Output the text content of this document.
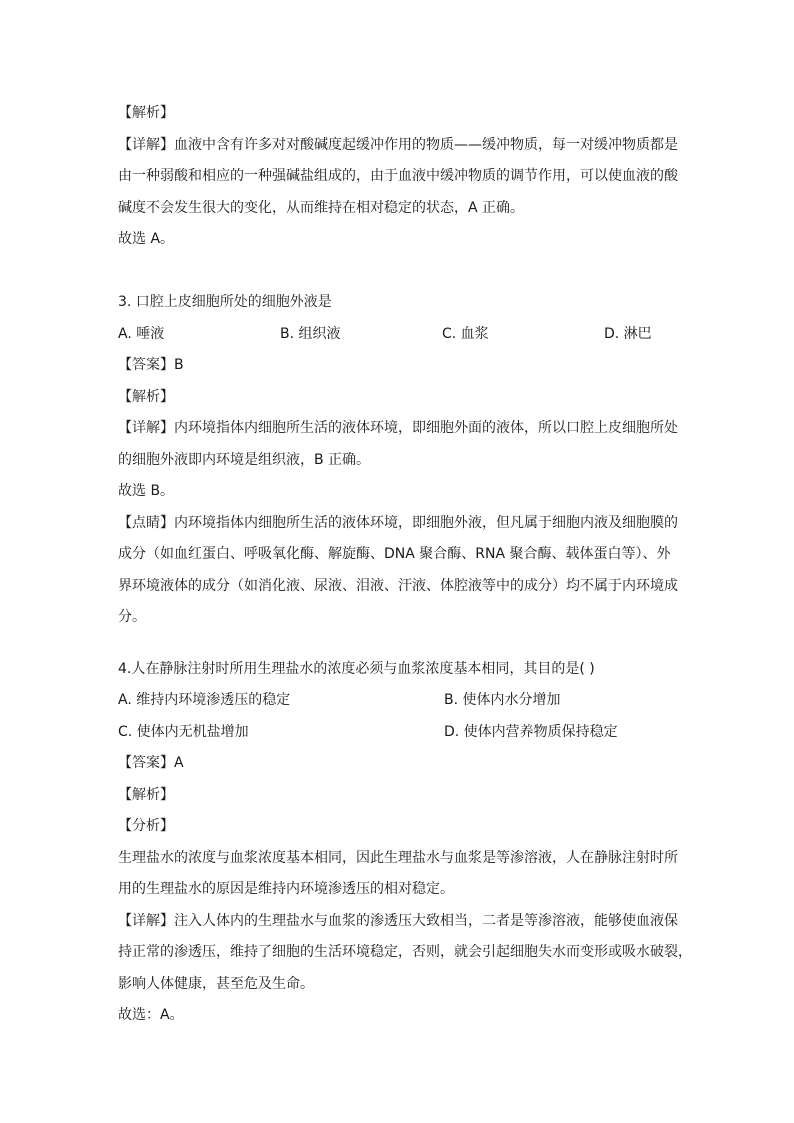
【解析】
【详解】血液中含有许多对对酸碱度起缓冲作用的物质——缓冲物质，每一对缓冲物质都是
由一种弱酸和相应的一种强碱盐组成的，由于血液中缓冲物质的调节作用，可以使血液的酸
碱度不会发生很大的变化，从而维持在相对稳定的状态，A 正确。
故选 A。
3. 口腔上皮细胞所处的细胞外液是
A. 唾液	B. 组织液	C. 血浆	D. 淋巴
【答案】B
【解析】
【详解】内环境指体内细胞所生活的液体环境，即细胞外面的液体，所以口腔上皮细胞所处
的细胞外液即内环境是组织液，B 正确。
故选 B。
【点睛】内环境指体内细胞所生活的液体环境，即细胞外液，但凡属于细胞内液及细胞膜的
成分（如血红蛋白、呼吸氧化酶、解旋酶、DNA 聚合酶、RNA 聚合酶、载体蛋白等）、外
界环境液体的成分（如消化液、尿液、泪液、汗液、体腔液等中的成分）均不属于内环境成
分。
4.人在静脉注射时所用生理盐水的浓度必须与血浆浓度基本相同，其目的是( )
A. 维持内环境渗透压的稳定	B. 使体内水分增加
C. 使体内无机盐增加	D. 使体内营养物质保持稳定
【答案】A
【解析】
【分析】
生理盐水的浓度与血浆浓度基本相同，因此生理盐水与血浆是等渗溶液，人在静脉注射时所
用的生理盐水的原因是维持内环境渗透压的相对稳定。
【详解】注入人体内的生理盐水与血浆的渗透压大致相当，二者是等渗溶液，能够使血液保
持正常的渗透压，维持了细胞的生活环境稳定，否则，就会引起细胞失水而变形或吸水破裂，
影响人体健康，甚至危及生命。
故选：A。
